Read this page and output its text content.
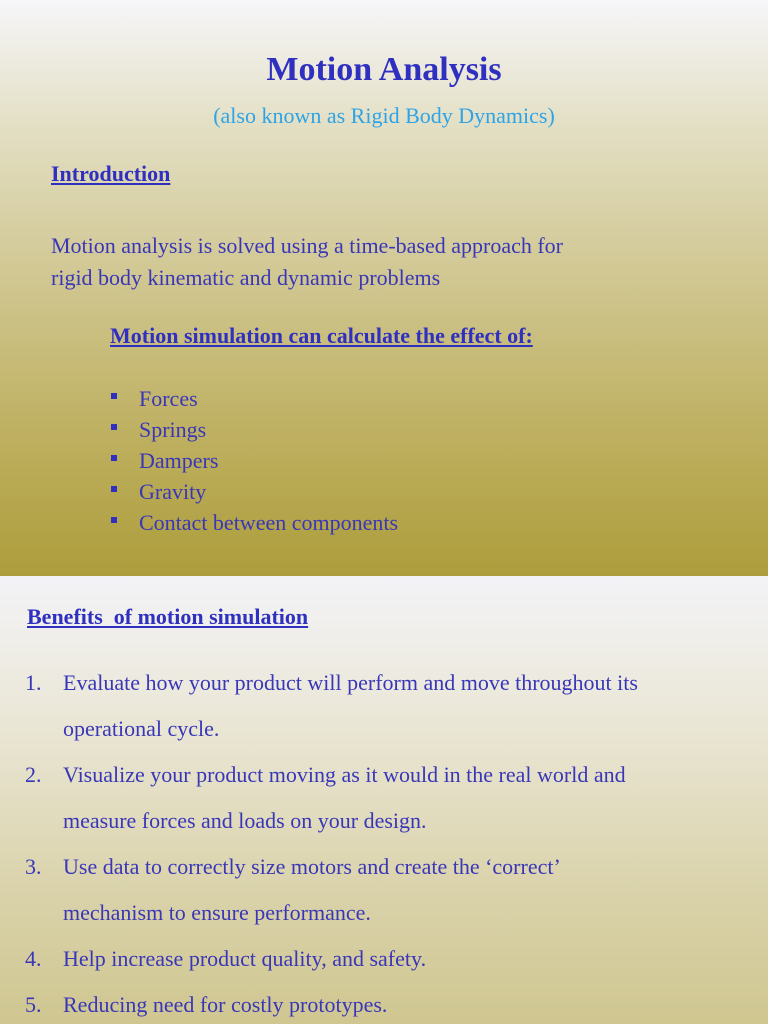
Motion Analysis
(also known as Rigid Body Dynamics)
Introduction
Motion analysis is solved using a time-based approach for
rigid body kinematic and dynamic problems
Motion simulation can calculate the effect of:
Forces
Springs
Dampers
Gravity
Contact between components
Benefits  of motion simulation
1. Evaluate how your product will perform and move throughout its
operational cycle.
2. Visualize your product moving as it would in the real world and
measure forces and loads on your design.
3. Use data to correctly size motors and create the ‘correct’
mechanism to ensure performance.
4. Help increase product quality, and safety.
5. Reducing need for costly prototypes.
